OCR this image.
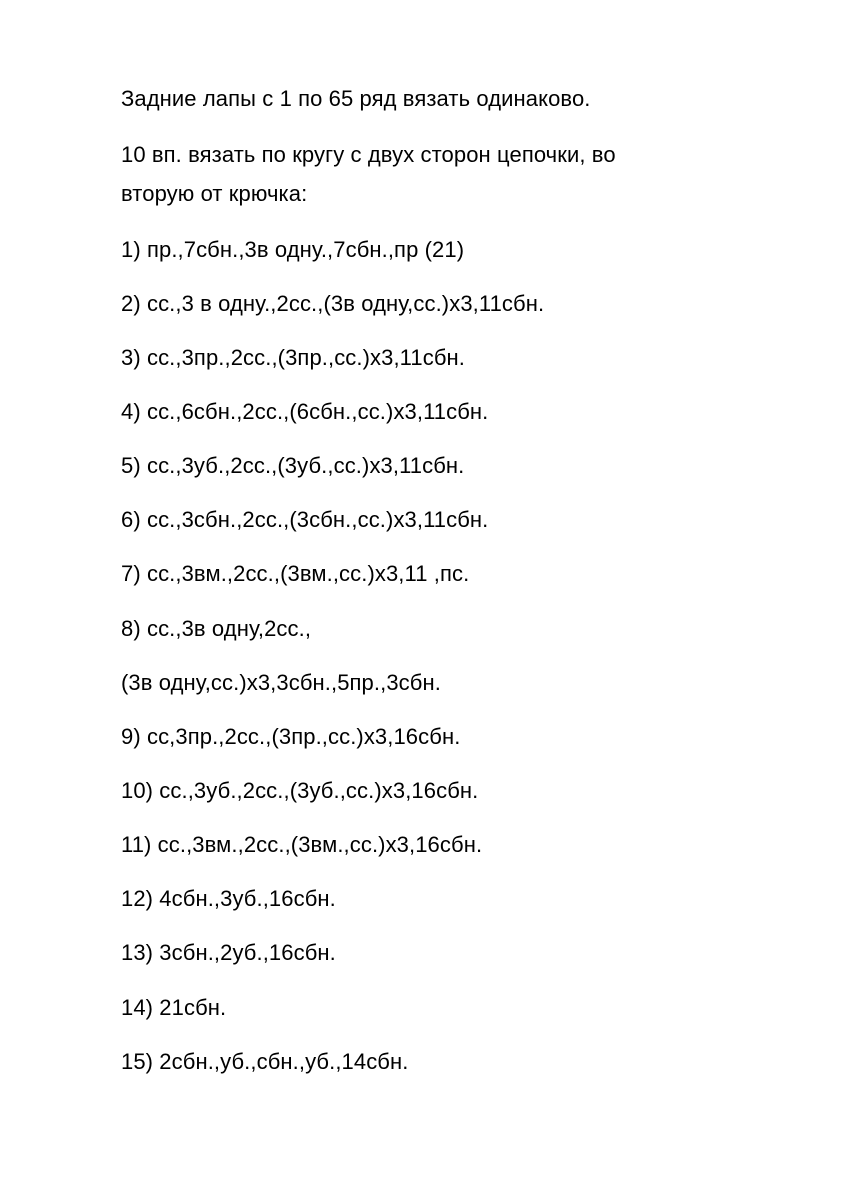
Задние лапы с 1 по 65 ряд вязать одинаково.

10 вп. вязать по кругу с двух сторон цепочки, во

вторую от крючка:

1) пр.,7сбн.,3в одну.,7сбн.,пр (21)

2) сс.,3 в одну.,2сс.,(3в одну,сс.)х3,11сбн.

3) сс.,3пр.,2сс.,(3пр.,сс.)х3,11сбн.

4) сс.,6сбн.,2сс.,(6сбн.,сс.)х3,11сбн.

5) сс.,3уб.,2сс.,(3уб.,сс.)х3,11сбн.

6) сс.,3сбн.,2сс.,(3сбн.,сс.)х3,11сбн.

7) сс.,3вм.,2сс.,(3вм.,сс.)х3,11 ,пс.

8) сс.,3в одну,2сс.,

(3в одну,сс.)х3,3сбн.,5пр.,3сбн.

9) сс,3пр.,2сс.,(3пр.,сс.)х3,16сбн.

10) сс.,3уб.,2сс.,(3уб.,сс.)х3,16сбн.

11) сс.,3вм.,2сс.,(3вм.,сс.)х3,16сбн.

12) 4сбн.,3уб.,16сбн.

13) 3сбн.,2уб.,16сбн.

14) 21сбн.

15) 2сбн.,уб.,сбн.,уб.,14сбн.
